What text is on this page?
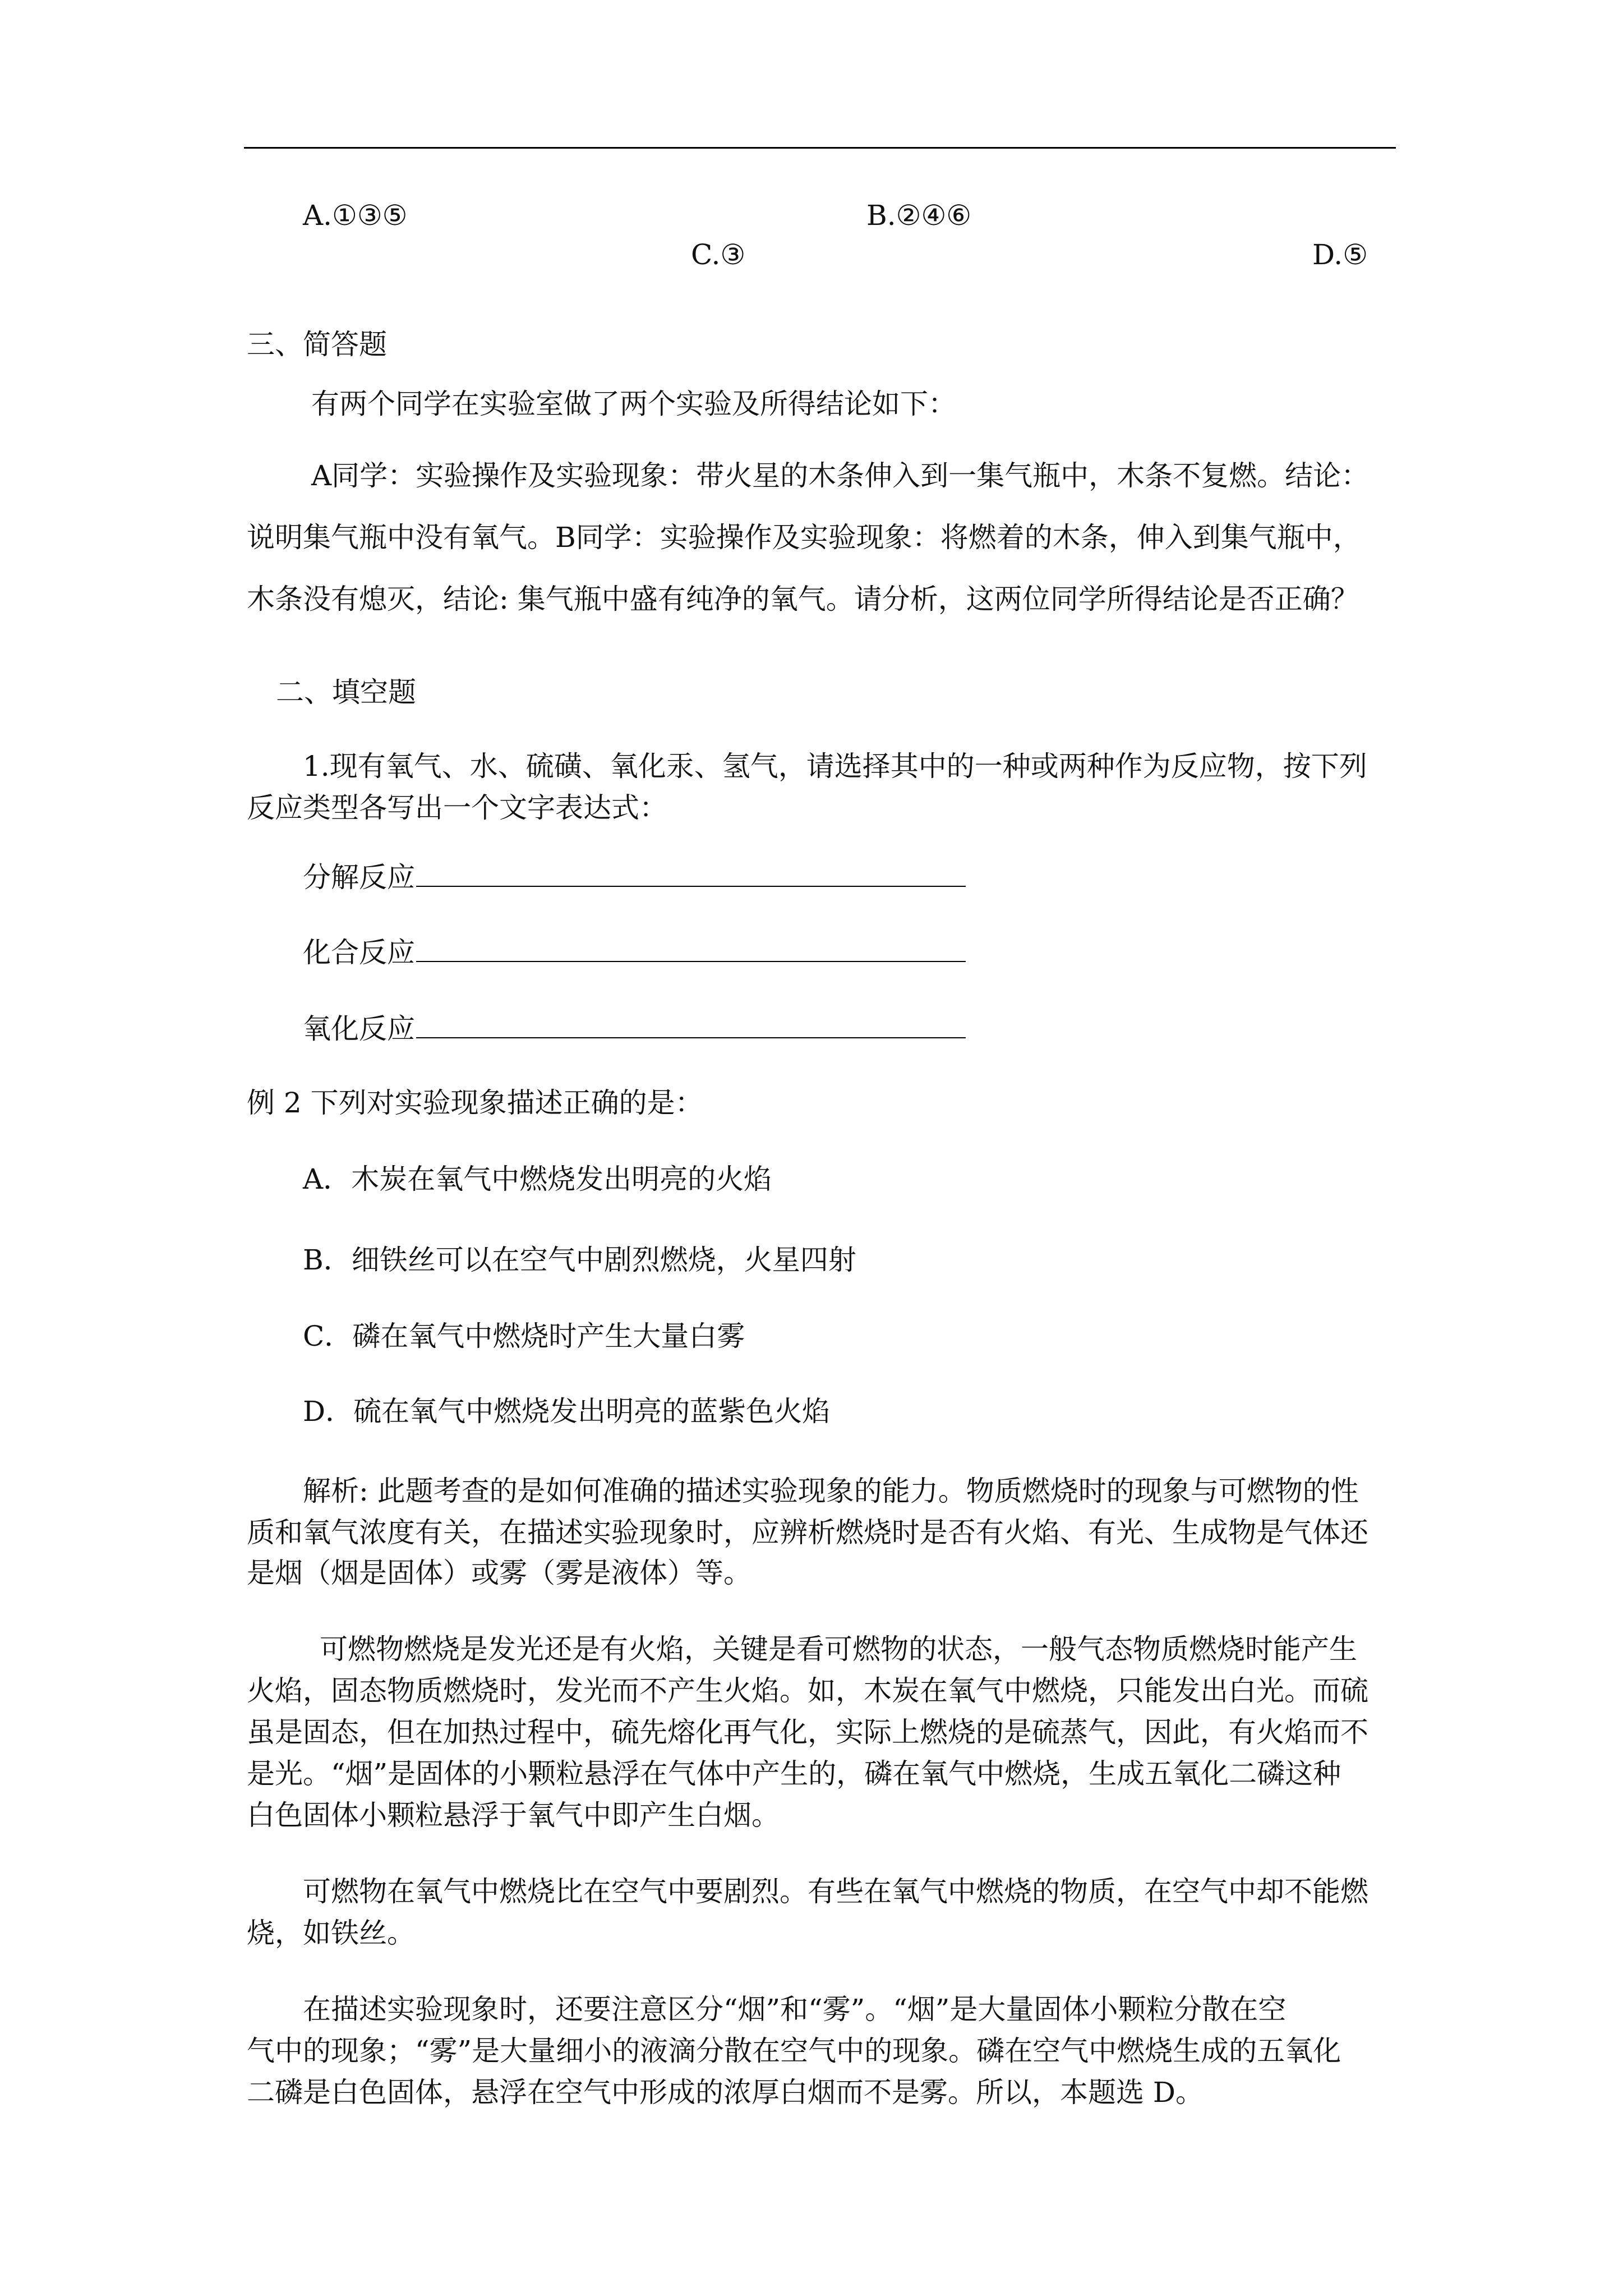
A.①③⑤	B.②④⑥

C.③	D.⑤

三、简答题

有两个同学在实验室做了两个实验及所得结论如下：

A同学：实验操作及实验现象：带火星的木条伸入到一集气瓶中，木条不复燃。结论：

说明集气瓶中没有氧气。B同学：实验操作及实验现象：将燃着的木条，伸入到集气瓶中，

木条没有熄灭，结论: 集气瓶中盛有纯净的氧气。请分析，这两位同学所得结论是否正确？

二、填空题

1.现有氧气、水、硫磺、氧化汞、氢气，请选择其中的一种或两种作为反应物，按下列

反应类型各写出一个文字表达式：

分解反应

化合反应

氧化反应

例 2 下列对实验现象描述正确的是：

A．木炭在氧气中燃烧发出明亮的火焰

B．细铁丝可以在空气中剧烈燃烧，火星四射

C．磷在氧气中燃烧时产生大量白雾

D．硫在氧气中燃烧发出明亮的蓝紫色火焰

解析: 此题考查的是如何准确的描述实验现象的能力。物质燃烧时的现象与可燃物的性

质和氧气浓度有关，在描述实验现象时，应辨析燃烧时是否有火焰、有光、生成物是气体还

是烟（烟是固体）或雾（雾是液体）等。

可燃物燃烧是发光还是有火焰，关键是看可燃物的状态，一般气态物质燃烧时能产生

火焰，固态物质燃烧时，发光而不产生火焰。如，木炭在氧气中燃烧，只能发出白光。而硫

虽是固态，但在加热过程中，硫先熔化再气化，实际上燃烧的是硫蒸气，因此，有火焰而不

是光。“烟”是固体的小颗粒悬浮在气体中产生的，磷在氧气中燃烧，生成五氧化二磷这种

白色固体小颗粒悬浮于氧气中即产生白烟。

可燃物在氧气中燃烧比在空气中要剧烈。有些在氧气中燃烧的物质，在空气中却不能燃

烧，如铁丝。

在描述实验现象时，还要注意区分“烟”和“雾”。“烟”是大量固体小颗粒分散在空

气中的现象；“雾”是大量细小的液滴分散在空气中的现象。磷在空气中燃烧生成的五氧化

二磷是白色固体，悬浮在空气中形成的浓厚白烟而不是雾。所以，本题选 D。
